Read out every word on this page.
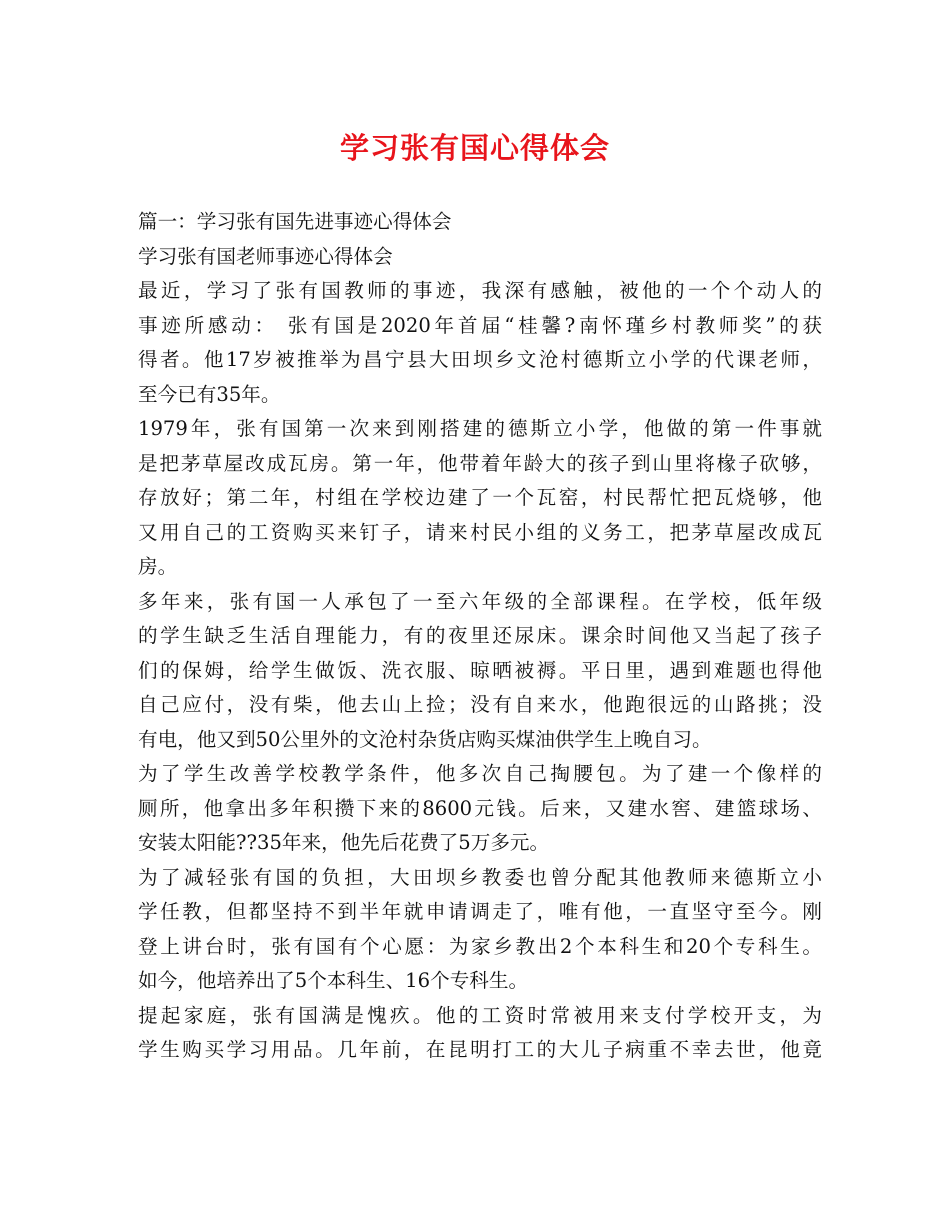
学习张有国心得体会
篇一：学习张有国先进事迹心得体会
学习张有国老师事迹心得体会
最近，学习了张有国教师的事迹，我深有感触，被他的一个个动人的
事迹所感动： 张有国是2020年首届“桂馨?南怀瑾乡村教师奖”的获
得者。他17岁被推举为昌宁县大田坝乡文沧村德斯立小学的代课老师，
至今已有35年。
1979年，张有国第一次来到刚搭建的德斯立小学，他做的第一件事就
是把茅草屋改成瓦房。第一年，他带着年龄大的孩子到山里将椽子砍够，
存放好；第二年，村组在学校边建了一个瓦窑，村民帮忙把瓦烧够，他
又用自己的工资购买来钉子，请来村民小组的义务工，把茅草屋改成瓦
房。
多年来，张有国一人承包了一至六年级的全部课程。在学校，低年级
的学生缺乏生活自理能力，有的夜里还尿床。课余时间他又当起了孩子
们的保姆，给学生做饭、洗衣服、晾晒被褥。平日里，遇到难题也得他
自己应付，没有柴，他去山上捡；没有自来水，他跑很远的山路挑；没
有电，他又到50公里外的文沧村杂货店购买煤油供学生上晚自习。
为了学生改善学校教学条件，他多次自己掏腰包。为了建一个像样的
厕所，他拿出多年积攒下来的8600元钱。后来，又建水窖、建篮球场、
安装太阳能??35年来，他先后花费了5万多元。
为了减轻张有国的负担，大田坝乡教委也曾分配其他教师来德斯立小
学任教，但都坚持不到半年就申请调走了，唯有他，一直坚守至今。刚
登上讲台时，张有国有个心愿：为家乡教出2个本科生和20个专科生。
如今，他培养出了5个本科生、16个专科生。
提起家庭，张有国满是愧疚。他的工资时常被用来支付学校开支，为
学生购买学习用品。几年前，在昆明打工的大儿子病重不幸去世，他竟
